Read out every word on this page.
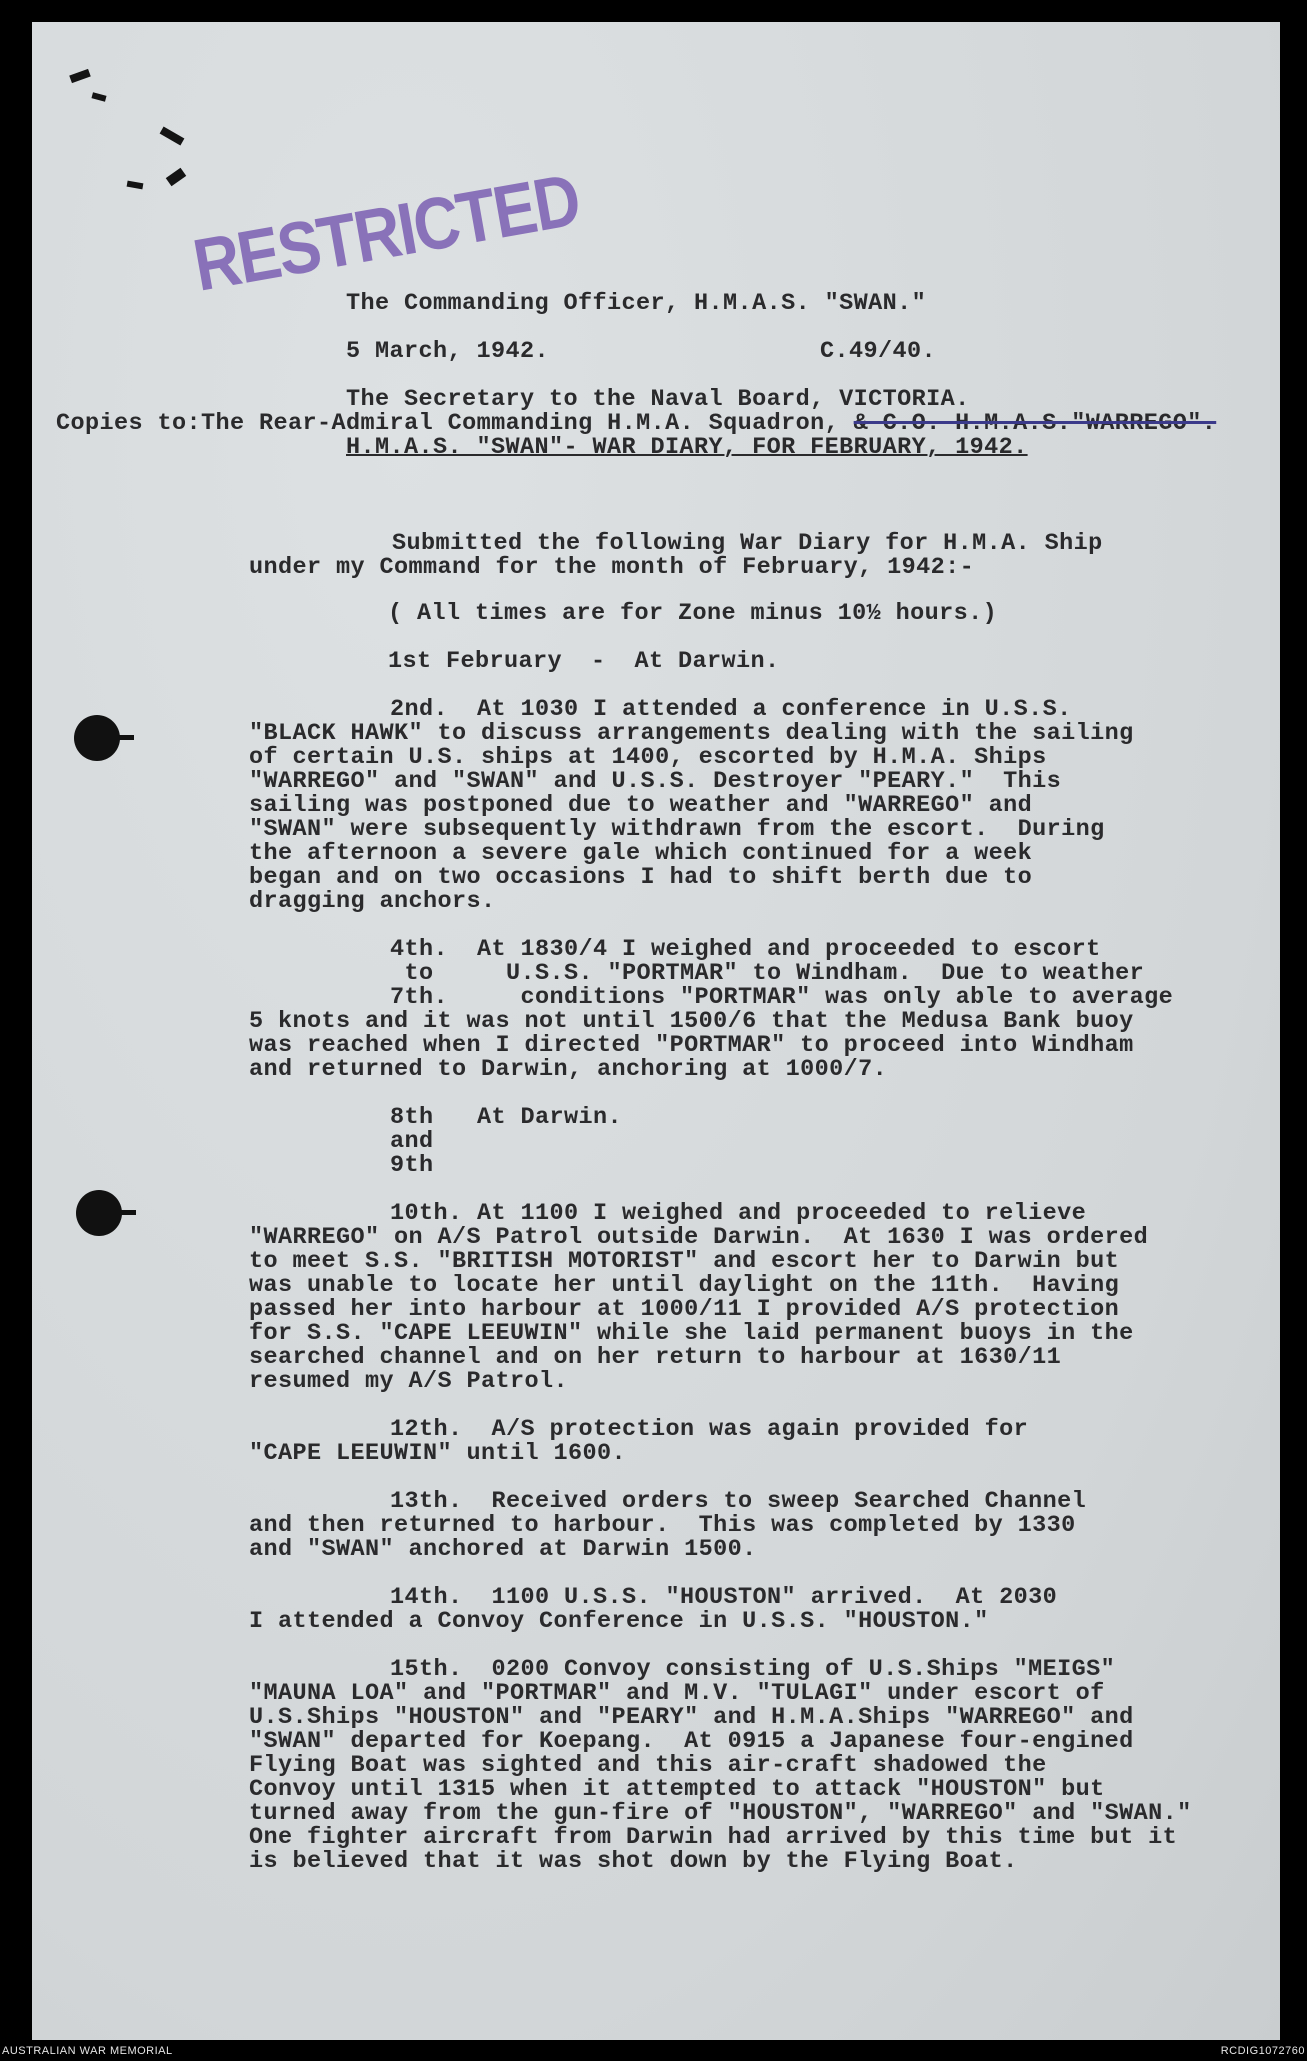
RESTRICTED
The Commanding Officer, H.M.A.S. "SWAN."
5 March, 1942.	C.49/40.
The Secretary to the Naval Board, VICTORIA.
Copies to:The Rear-Admiral Commanding H.M.A. Squadron, & C.O. H.M.A.S."WARREGO".
H.M.A.S. "SWAN"- WAR DIARY, FOR FEBRUARY, 1942.
Submitted the following War Diary for H.M.A. Ship
under my Command for the month of February, 1942:-
( All times are for Zone minus 10½ hours.)
1st February  -  At Darwin.
2nd.  At 1030 I attended a conference in U.S.S.
"BLACK HAWK" to discuss arrangements dealing with the sailing
of certain U.S. ships at 1400, escorted by H.M.A. Ships
"WARREGO" and "SWAN" and U.S.S. Destroyer "PEARY."  This
sailing was postponed due to weather and "WARREGO" and
"SWAN" were subsequently withdrawn from the escort.  During
the afternoon a severe gale which continued for a week
began and on two occasions I had to shift berth due to
dragging anchors.
4th.  At 1830/4 I weighed and proceeded to escort
to     U.S.S. "PORTMAR" to Windham.  Due to weather
7th.     conditions "PORTMAR" was only able to average
5 knots and it was not until 1500/6 that the Medusa Bank buoy
was reached when I directed "PORTMAR" to proceed into Windham
and returned to Darwin, anchoring at 1000/7.
8th   At Darwin.
and
9th
10th. At 1100 I weighed and proceeded to relieve
"WARREGO" on A/S Patrol outside Darwin.  At 1630 I was ordered
to meet S.S. "BRITISH MOTORIST" and escort her to Darwin but
was unable to locate her until daylight on the 11th.  Having
passed her into harbour at 1000/11 I provided A/S protection
for S.S. "CAPE LEEUWIN" while she laid permanent buoys in the
searched channel and on her return to harbour at 1630/11
resumed my A/S Patrol.
12th.  A/S protection was again provided for
"CAPE LEEUWIN" until 1600.
13th.  Received orders to sweep Searched Channel
and then returned to harbour.  This was completed by 1330
and "SWAN" anchored at Darwin 1500.
14th.  1100 U.S.S. "HOUSTON" arrived.  At 2030
I attended a Convoy Conference in U.S.S. "HOUSTON."
15th.  0200 Convoy consisting of U.S.Ships "MEIGS"
"MAUNA LOA" and "PORTMAR" and M.V. "TULAGI" under escort of
U.S.Ships "HOUSTON" and "PEARY" and H.M.A.Ships "WARREGO" and
"SWAN" departed for Koepang.  At 0915 a Japanese four-engined
Flying Boat was sighted and this air-craft shadowed the
Convoy until 1315 when it attempted to attack "HOUSTON" but
turned away from the gun-fire of "HOUSTON", "WARREGO" and "SWAN."
One fighter aircraft from Darwin had arrived by this time but it
is believed that it was shot down by the Flying Boat.
AUSTRALIAN WAR MEMORIAL	RCDIG1072760
